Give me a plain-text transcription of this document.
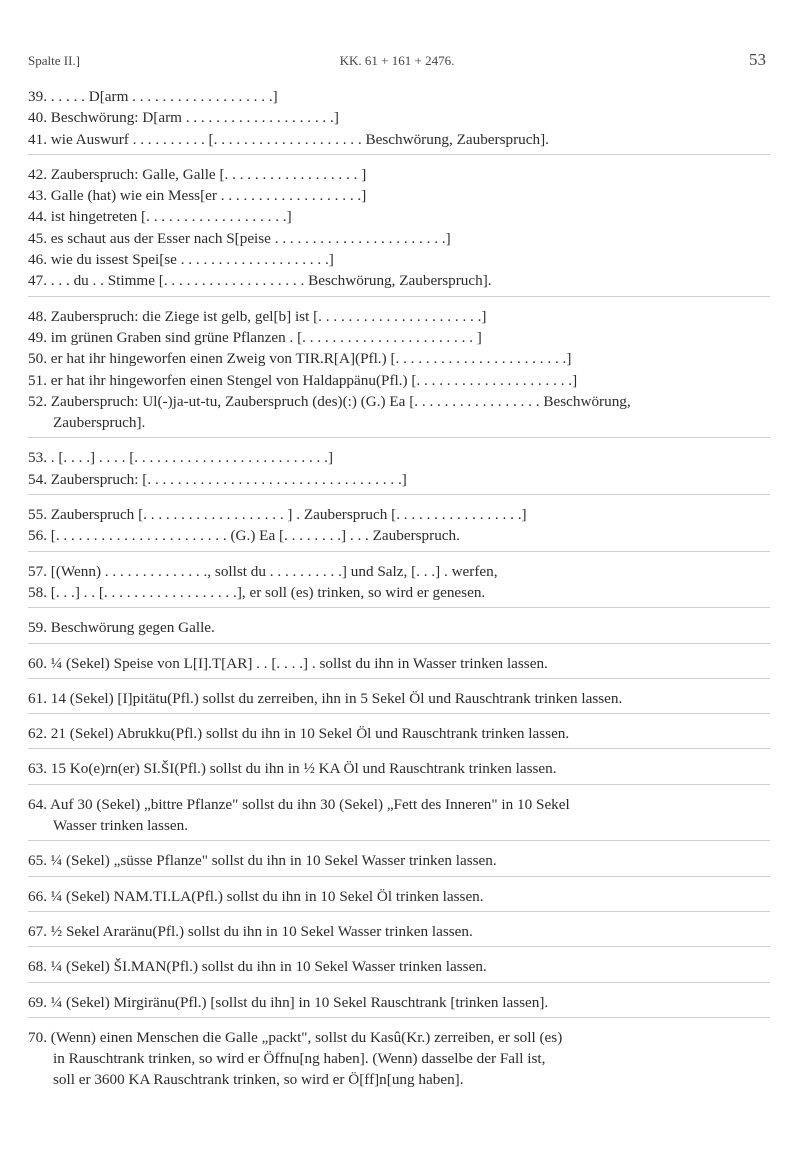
Spalte II.]	KK. 61 + 161 + 2476.	53
39. . . . . . D[arm . . . . . . . . . . . . . . . . . . .]
40. Beschwörung: D[arm . . . . . . . . . . . . . . . . . . . .]
41. wie Auswurf . . . . . . . . . . [. . . . . . . . . . . . . . . . . . . . Beschwörung, Zauberspruch].
42. Zauberspruch: Galle, Galle [. . . . . . . . . . . . . . . . . . ]
43. Galle (hat) wie ein Mess[er . . . . . . . . . . . . . . . . . . .]
44. ist hingetreten [. . . . . . . . . . . . . . . . . . .]
45. es schaut aus der Esser nach S[peise . . . . . . . . . . . . . . . . . . . . . . .]
46. wie du issest Spei[se . . . . . . . . . . . . . . . . . . . .]
47. . . . du . . Stimme [. . . . . . . . . . . . . . . . . . . Beschwörung, Zauberspruch].
48. Zauberspruch: die Ziege ist gelb, gel[b] ist [. . . . . . . . . . . . . . . . . . . . . .]
49. im grünen Graben sind grüne Pflanzen . [. . . . . . . . . . . . . . . . . . . . . . . ]
50. er hat ihr hingeworfen einen Zweig von TIR.R[A](Pfl.) [. . . . . . . . . . . . . . . . . . . . . . .]
51. er hat ihr hingeworfen einen Stengel von Haldappänu(Pfl.) [. . . . . . . . . . . . . . . . . . . . .]
52. Zauberspruch: Ul(-)ja-ut-tu, Zauberspruch (des)(:) (G.) Ea [. . . . . . . . . . . . . . . . . Beschwörung,
Zauberspruch].
53. . [. . . .] . . . . [. . . . . . . . . . . . . . . . . . . . . . . . . .]
54. Zauberspruch: [. . . . . . . . . . . . . . . . . . . . . . . . . . . . . . . . . .]
55. Zauberspruch [. . . . . . . . . . . . . . . . . . . ] . Zauberspruch [. . . . . . . . . . . . . . . . .]
56. [. . . . . . . . . . . . . . . . . . . . . . . (G.) Ea [. . . . . . . .] . . . Zauberspruch.
57. [(Wenn) . . . . . . . . . . . . . ., sollst du . . . . . . . . . .] und Salz, [. . .] . werfen,
58. [. . .] . . [. . . . . . . . . . . . . . . . . .], er soll (es) trinken, so wird er genesen.
59. Beschwörung gegen Galle.
60. ¼ (Sekel) Speise von L[I].T[AR] . . [. . . .] . sollst du ihn in Wasser trinken lassen.
61. 14 (Sekel) [I]pitätu(Pfl.) sollst du zerreiben, ihn in 5 Sekel Öl und Rauschtrank trinken lassen.
62. 21 (Sekel) Abrukku(Pfl.) sollst du ihn in 10 Sekel Öl und Rauschtrank trinken lassen.
63. 15 Ko(e)rn(er) SI.ŠI(Pfl.) sollst du ihn in ½ KA Öl und Rauschtrank trinken lassen.
64. Auf 30 (Sekel) „bittre Pflanze" sollst du ihn 30 (Sekel) „Fett des Inneren" in 10 Sekel
Wasser trinken lassen.
65. ¼ (Sekel) „süsse Pflanze" sollst du ihn in 10 Sekel Wasser trinken lassen.
66. ¼ (Sekel) NAM.TI.LA(Pfl.) sollst du ihn in 10 Sekel Öl trinken lassen.
67. ½ Sekel Araränu(Pfl.) sollst du ihn in 10 Sekel Wasser trinken lassen.
68. ¼ (Sekel) ŠI.MAN(Pfl.) sollst du ihn in 10 Sekel Wasser trinken lassen.
69. ¼ (Sekel) Mirgiränu(Pfl.) [sollst du ihn] in 10 Sekel Rauschtrank [trinken lassen].
70. (Wenn) einen Menschen die Galle „packt", sollst du Kasû(Kr.) zerreiben, er soll (es)
in Rauschtrank trinken, so wird er Öffnu[ng haben]. (Wenn) dasselbe der Fall ist,
soll er 3600 KA Rauschtrank trinken, so wird er Ö[ff]n[ung haben].
